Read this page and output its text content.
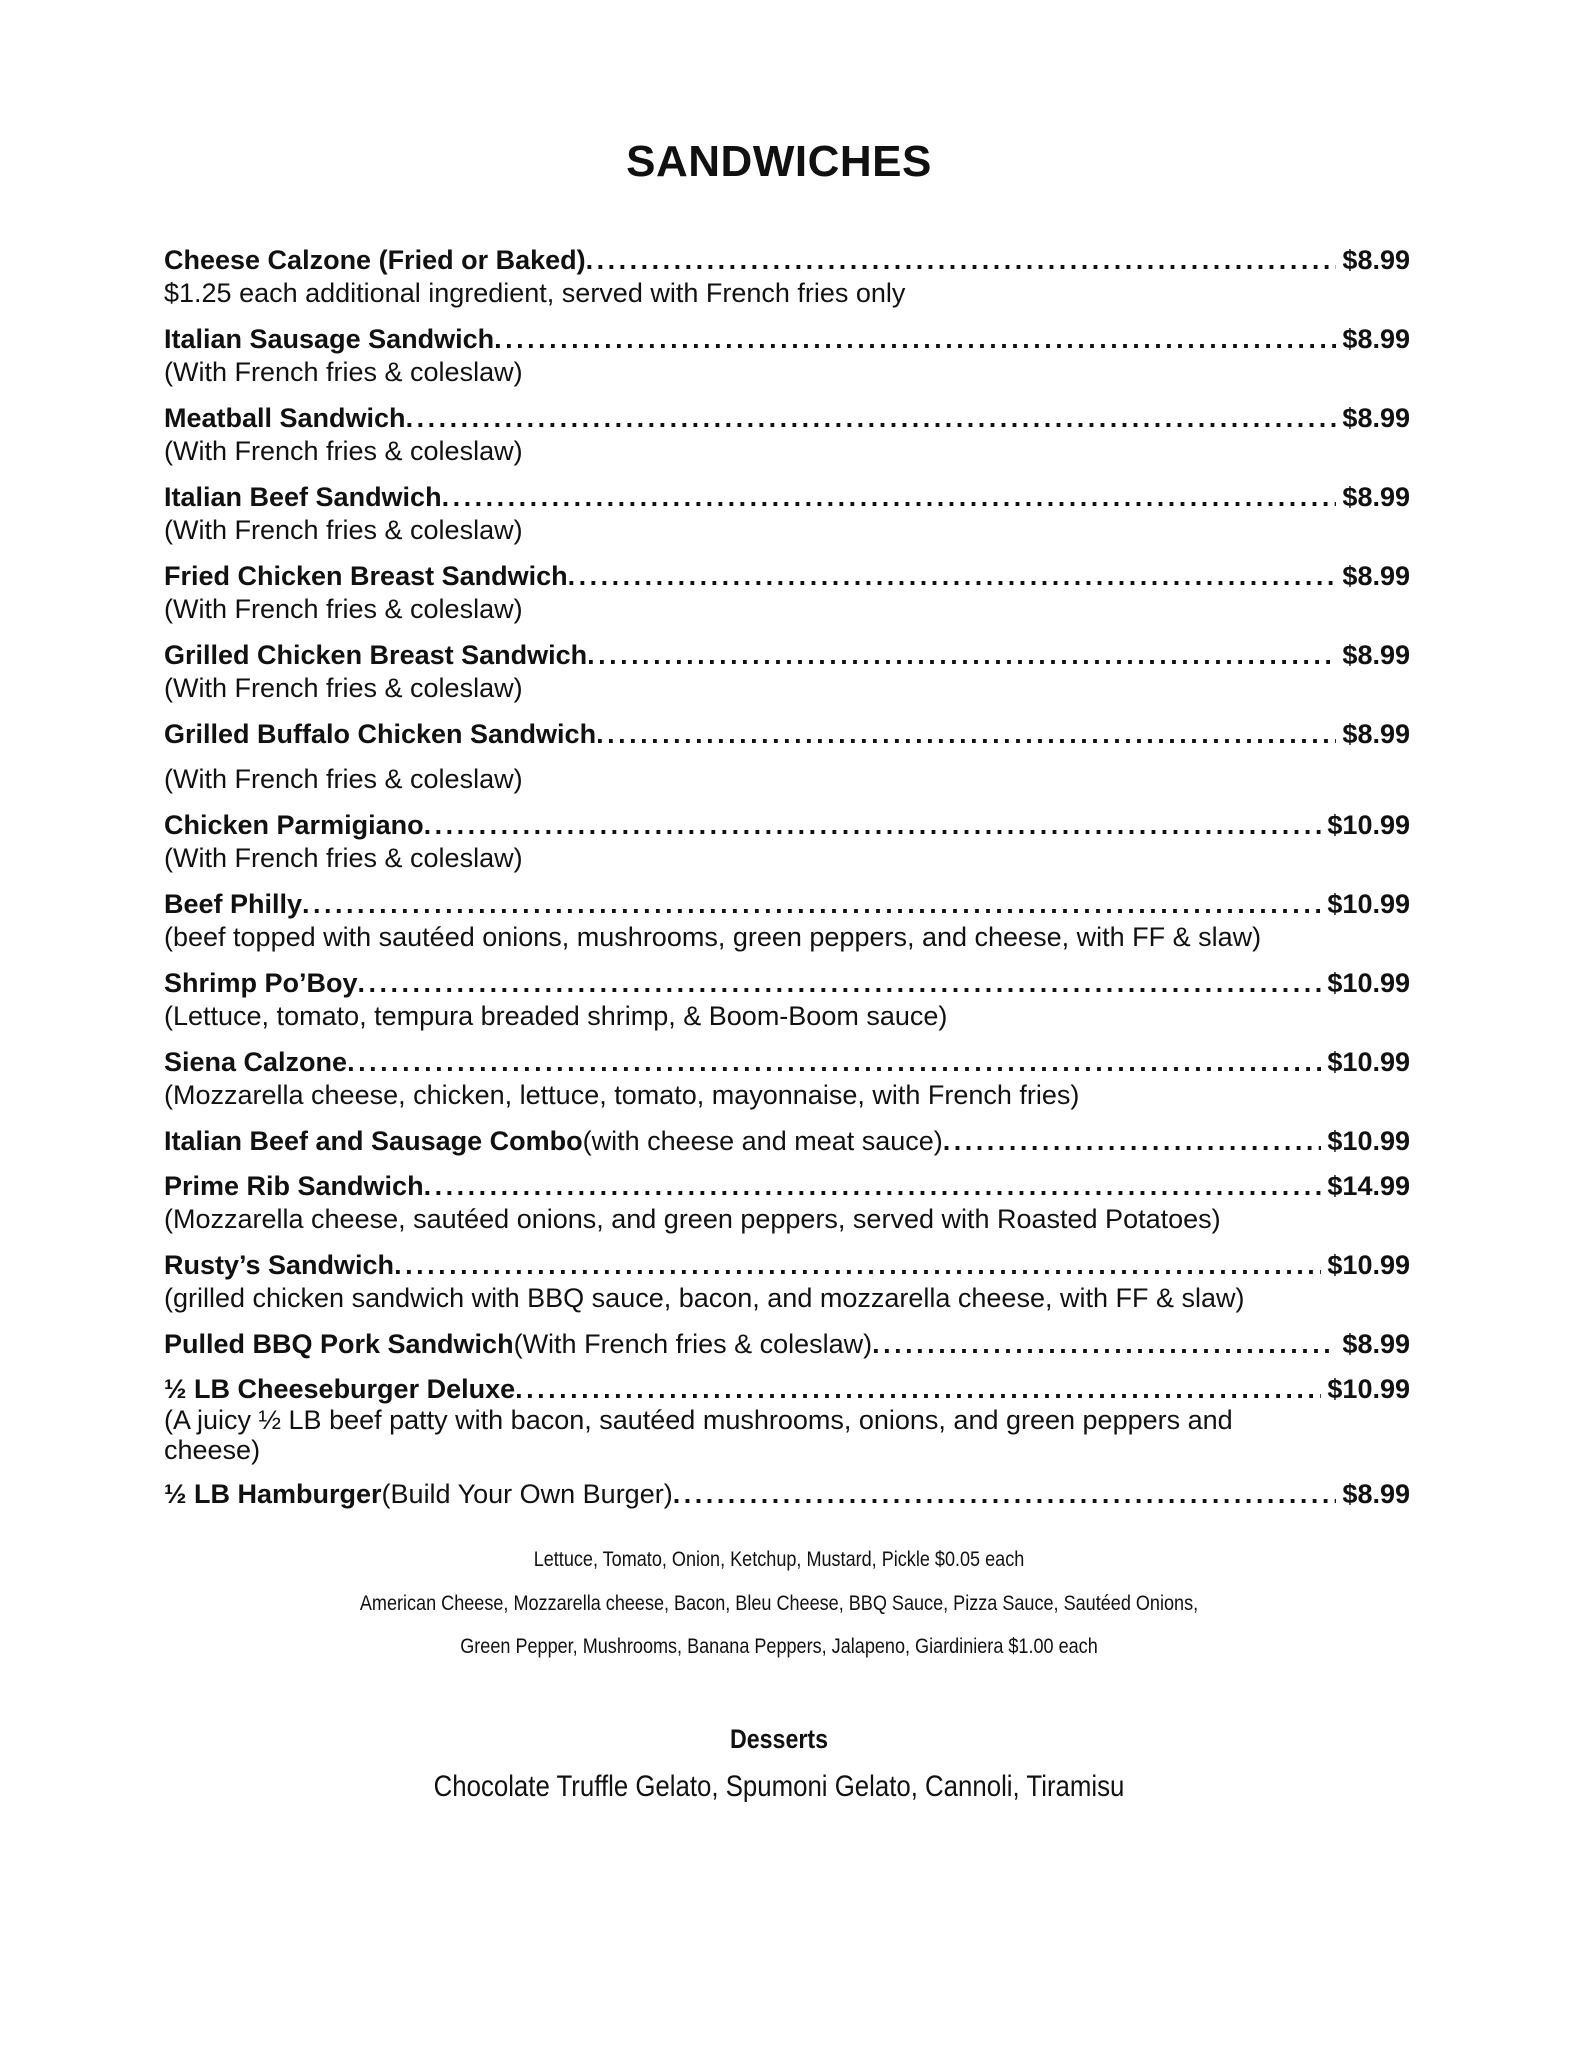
SANDWICHES
Cheese Calzone (Fried or Baked) . . .	$8.99
$1.25 each additional ingredient, served with French fries only
Italian Sausage Sandwich . . .	$8.99
(With French fries & coleslaw)
Meatball Sandwich . . .	$8.99
(With French fries & coleslaw)
Italian Beef Sandwich . . .	$8.99
(With French fries & coleslaw)
Fried Chicken Breast Sandwich . . .	$8.99
(With French fries & coleslaw)
Grilled Chicken Breast Sandwich . . .	$8.99
(With French fries & coleslaw)
Grilled Buffalo Chicken Sandwich . . .	$8.99
(With French fries & coleslaw)
Chicken Parmigiano . . .	$10.99
(With French fries & coleslaw)
Beef Philly . . .	$10.99
(beef topped with sautéed onions, mushrooms, green peppers, and cheese, with FF & slaw)
Shrimp Po’Boy . . .	$10.99
(Lettuce, tomato, tempura breaded shrimp, & Boom-Boom sauce)
Siena Calzone . . .	$10.99
(Mozzarella cheese, chicken, lettuce, tomato, mayonnaise, with French fries)
Italian Beef and Sausage Combo (with cheese and meat sauce) . . .	$10.99
Prime Rib Sandwich . . .	$14.99
(Mozzarella cheese, sautéed onions, and green peppers, served with Roasted Potatoes)
Rusty’s Sandwich . . .	$10.99
(grilled chicken sandwich with BBQ sauce, bacon, and mozzarella cheese, with FF & slaw)
Pulled BBQ Pork Sandwich (With French fries & coleslaw) . . .	$8.99
½ LB Cheeseburger Deluxe . . .	$10.99
(A juicy ½ LB beef patty with bacon, sautéed mushrooms, onions, and green peppers and cheese)
½ LB Hamburger (Build Your Own Burger) . . .	$8.99
Lettuce, Tomato, Onion, Ketchup, Mustard, Pickle $0.05 each
American Cheese, Mozzarella cheese, Bacon, Bleu Cheese, BBQ Sauce, Pizza Sauce, Sautéed Onions,
Green Pepper, Mushrooms, Banana Peppers, Jalapeno, Giardiniera $1.00 each
Desserts
Chocolate Truffle Gelato, Spumoni Gelato, Cannoli, Tiramisu
